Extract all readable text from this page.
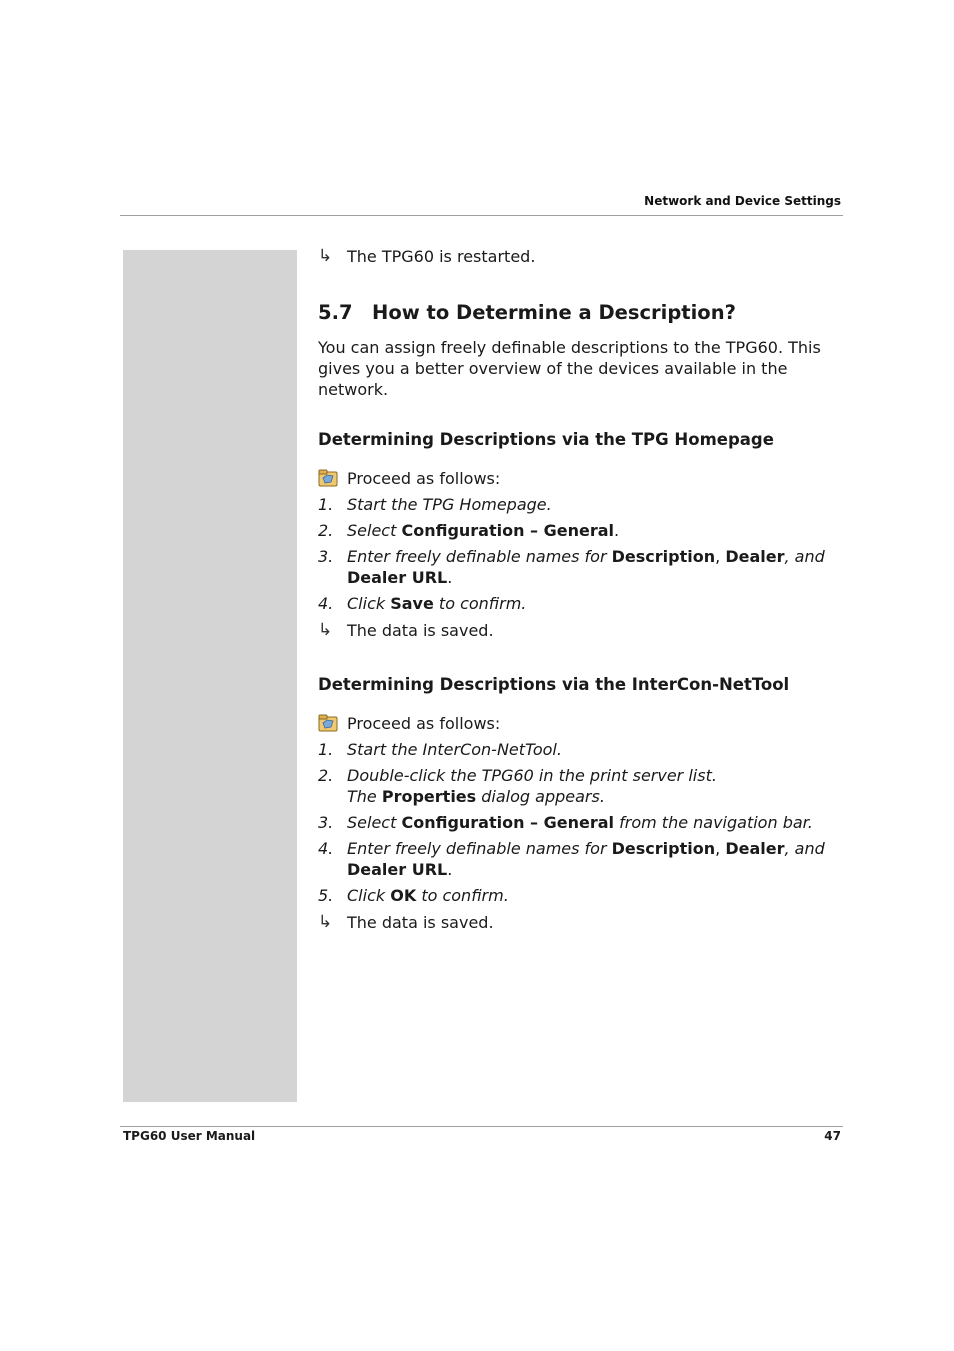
Network and Device Settings
↳ The TPG60 is restarted.
5.7 How to Determine a Description?
You can assign freely definable descriptions to the TPG60. This gives you a better overview of the devices available in the network.
Determining Descriptions via the TPG Homepage
Proceed as follows:
1. Start the TPG Homepage.
2. Select Configuration – General.
3. Enter freely definable names for Description, Dealer, and Dealer URL.
4. Click Save to confirm.
↳ The data is saved.
Determining Descriptions via the InterCon-NetTool
Proceed as follows:
1. Start the InterCon-NetTool.
2. Double-click the TPG60 in the print server list.
The Properties dialog appears.
3. Select Configuration – General from the navigation bar.
4. Enter freely definable names for Description, Dealer, and Dealer URL.
5. Click OK to confirm.
↳ The data is saved.
TPG60 User Manual	47
